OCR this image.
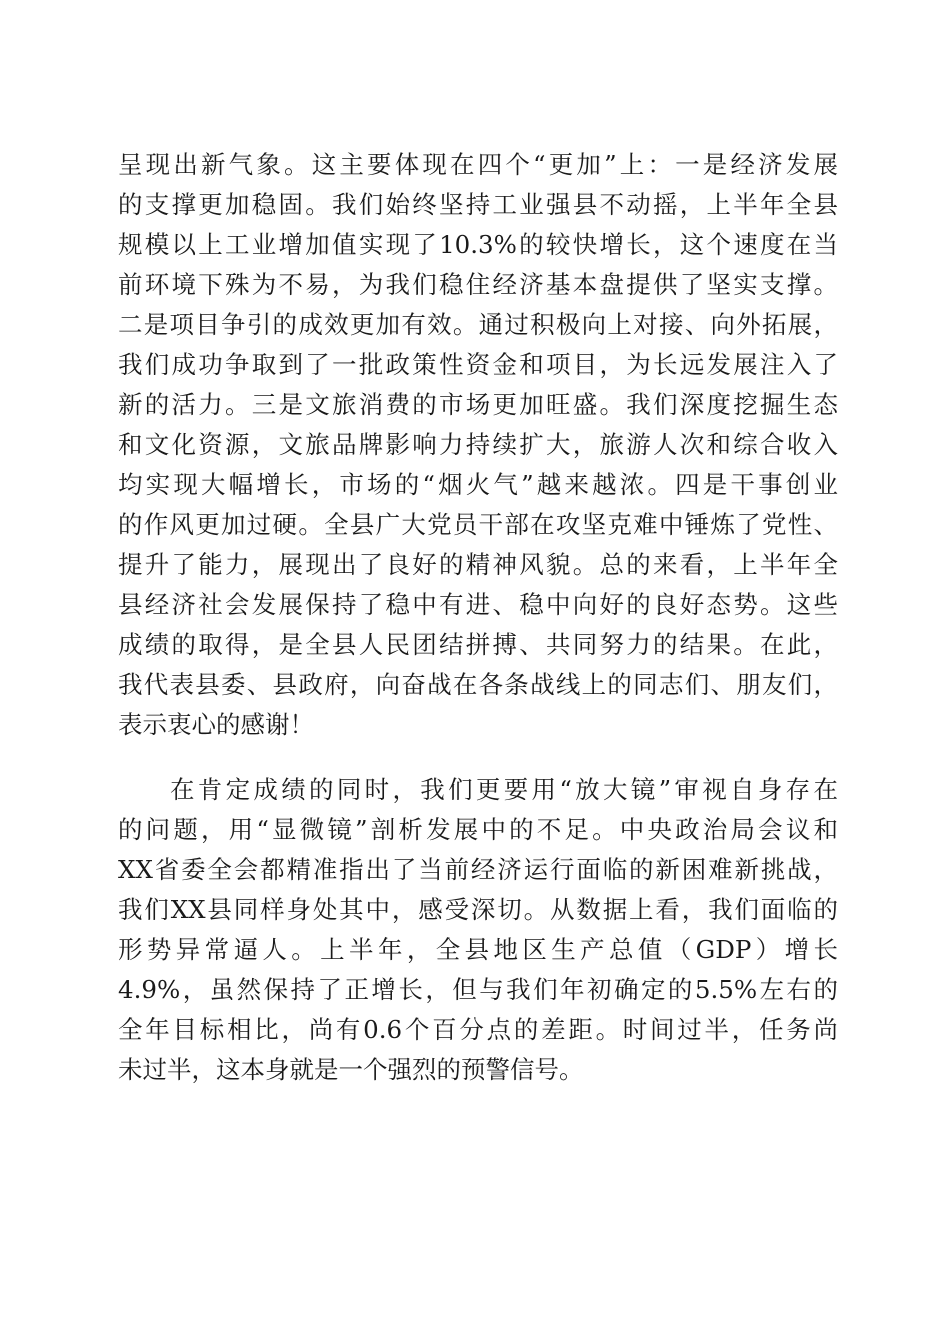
呈现出新气象。这主要体现在四个“更加”上：一是经济发展
的支撑更加稳固。我们始终坚持工业强县不动摇，上半年全县
规模以上工业增加值实现了10.3%的较快增长，这个速度在当
前环境下殊为不易，为我们稳住经济基本盘提供了坚实支撑。
二是项目争引的成效更加有效。通过积极向上对接、向外拓展，
我们成功争取到了一批政策性资金和项目，为长远发展注入了
新的活力。三是文旅消费的市场更加旺盛。我们深度挖掘生态
和文化资源，文旅品牌影响力持续扩大，旅游人次和综合收入
均实现大幅增长，市场的“烟火气”越来越浓。四是干事创业
的作风更加过硬。全县广大党员干部在攻坚克难中锤炼了党性、
提升了能力，展现出了良好的精神风貌。总的来看，上半年全
县经济社会发展保持了稳中有进、稳中向好的良好态势。这些
成绩的取得，是全县人民团结拼搏、共同努力的结果。在此，
我代表县委、县政府，向奋战在各条战线上的同志们、朋友们，
表示衷心的感谢！
在肯定成绩的同时，我们更要用“放大镜”审视自身存在
的问题，用“显微镜”剖析发展中的不足。中央政治局会议和
XX省委全会都精准指出了当前经济运行面临的新困难新挑战，
我们XX县同样身处其中，感受深切。从数据上看，我们面临的
形势异常逼人。上半年，全县地区生产总值（GDP）增长
4.9%，虽然保持了正增长，但与我们年初确定的5.5%左右的
全年目标相比，尚有0.6个百分点的差距。时间过半，任务尚
未过半，这本身就是一个强烈的预警信号。
